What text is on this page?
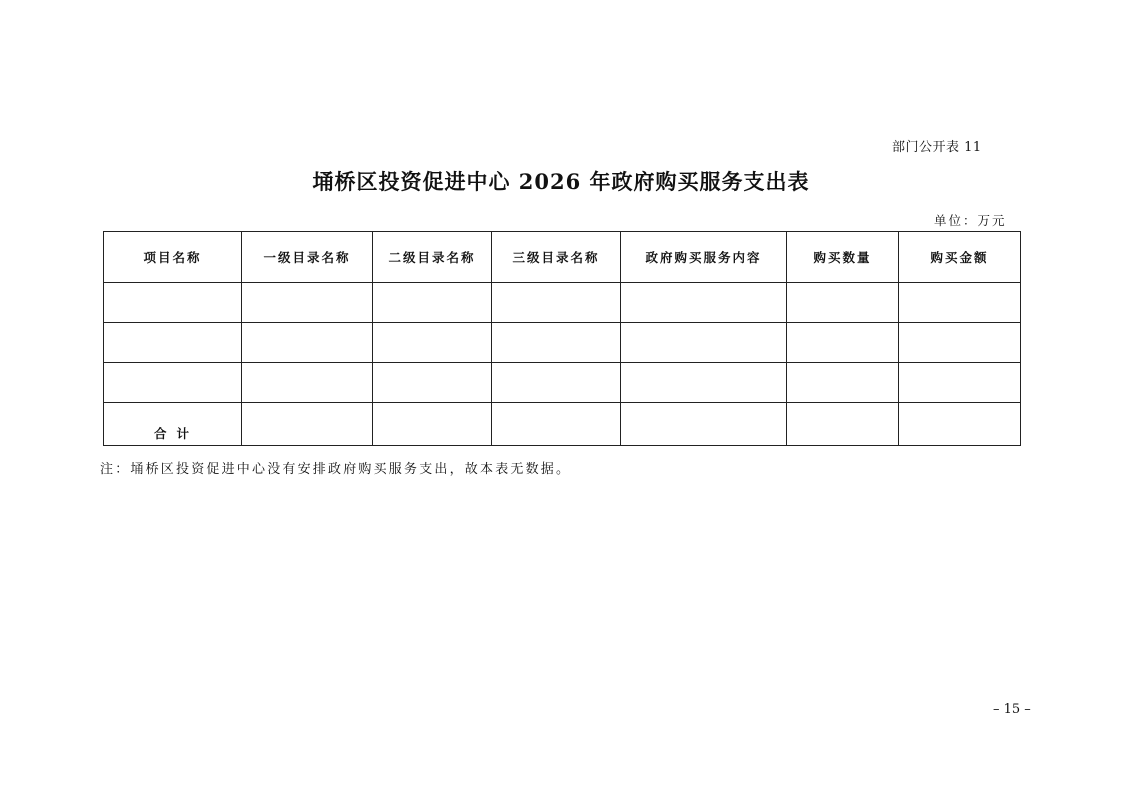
部门公开表 11
埇桥区投资促进中心 2026 年政府购买服务支出表
单位：万元
项目名称	一级目录名称	二级目录名称	三级目录名称	政府购买服务内容	购买数量	购买金额

合计						
注：埇桥区投资促进中心没有安排政府购买服务支出，故本表无数据。
– 15 –
